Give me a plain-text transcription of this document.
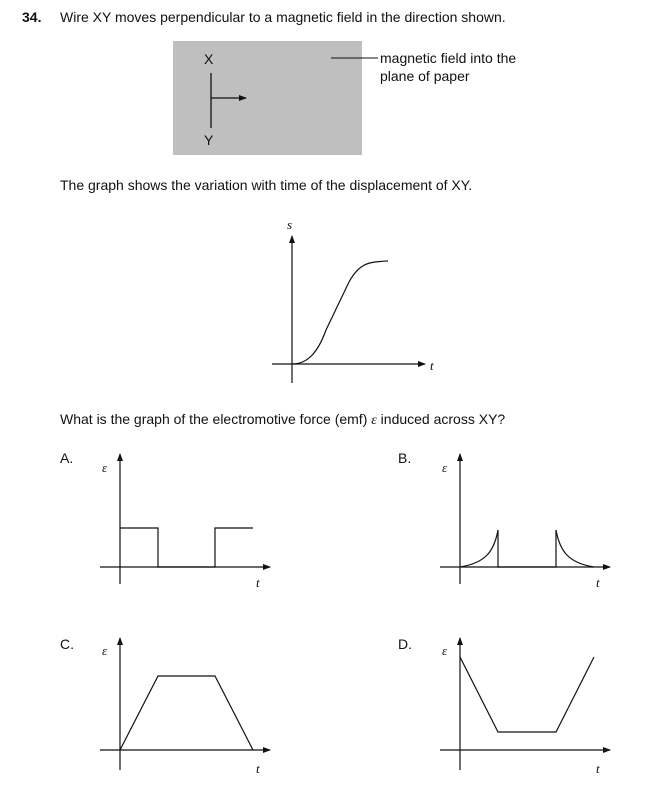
34. Wire XY moves perpendicular to a magnetic field in the direction shown.
X
Y
magnetic field into the
plane of paper
The graph shows the variation with time of the displacement of XY.
s
t
What is the graph of the electromotive force (emf) ε induced across XY?
A.
ε
t
B.
ε
t
C. ε
t
D. ε
t
